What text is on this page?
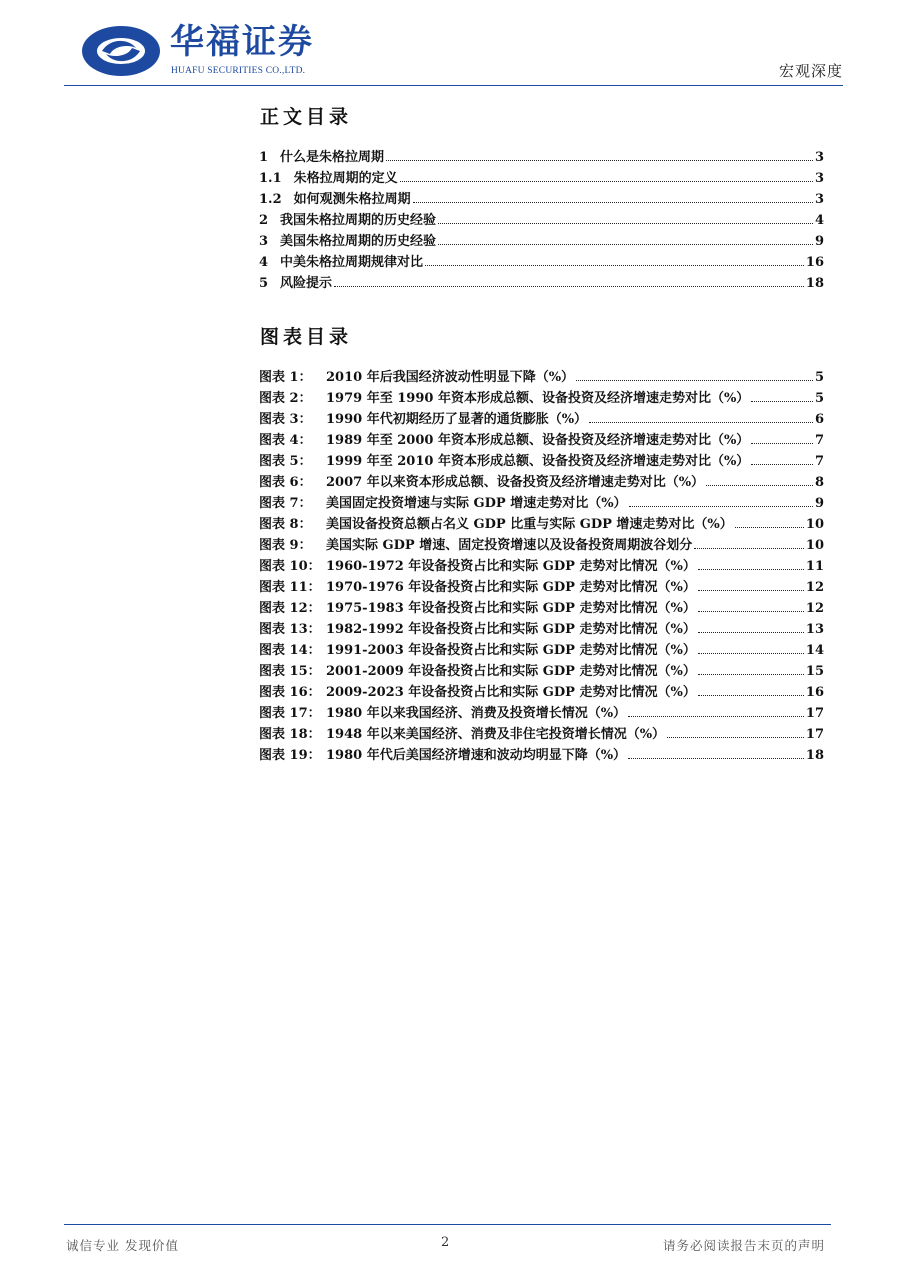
华福证券
HUAFU SECURITIES CO.,LTD.	宏观深度
正文目录
1 什么是朱格拉周期	3
1.1 朱格拉周期的定义	3
1.2 如何观测朱格拉周期	3
2 我国朱格拉周期的历史经验	4
3 美国朱格拉周期的历史经验	9
4 中美朱格拉周期规律对比	16
5 风险提示	18
图表目录
图表 1：	2010 年后我国经济波动性明显下降（%）	5
图表 2：	1979 年至 1990 年资本形成总额、设备投资及经济增速走势对比（%）	5
图表 3：	1990 年代初期经历了显著的通货膨胀（%）	6
图表 4：	1989 年至 2000 年资本形成总额、设备投资及经济增速走势对比（%）	7
图表 5：	1999 年至 2010 年资本形成总额、设备投资及经济增速走势对比（%）	7
图表 6：	2007 年以来资本形成总额、设备投资及经济增速走势对比（%）	8
图表 7：	美国固定投资增速与实际 GDP 增速走势对比（%）	9
图表 8：	美国设备投资总额占名义 GDP 比重与实际 GDP 增速走势对比（%）	10
图表 9：	美国实际 GDP 增速、固定投资增速以及设备投资周期波谷划分	10
图表 10： 1960-1972 年设备投资占比和实际 GDP 走势对比情况（%）	11
图表 11： 1970-1976 年设备投资占比和实际 GDP 走势对比情况（%）	12
图表 12： 1975-1983 年设备投资占比和实际 GDP 走势对比情况（%）	12
图表 13： 1982-1992 年设备投资占比和实际 GDP 走势对比情况（%）	13
图表 14： 1991-2003 年设备投资占比和实际 GDP 走势对比情况（%）	14
图表 15： 2001-2009 年设备投资占比和实际 GDP 走势对比情况（%）	15
图表 16： 2009-2023 年设备投资占比和实际 GDP 走势对比情况（%）	16
图表 17： 1980 年以来我国经济、消费及投资增长情况（%）	17
图表 18： 1948 年以来美国经济、消费及非住宅投资增长情况（%）	17
图表 19： 1980 年代后美国经济增速和波动均明显下降（%）	18
诚信专业 发现价值	2	请务必阅读报告末页的声明
